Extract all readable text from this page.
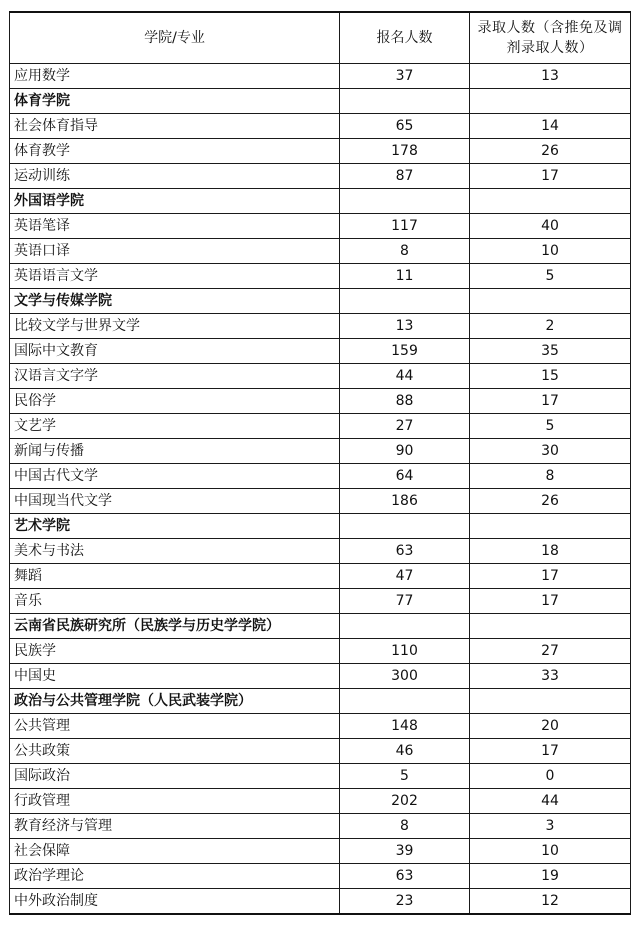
学院/专业	报名人数	录取人数（含推免及调剂录取人数）
应用数学	37	13
体育学院		
社会体育指导	65	14
体育教学	178	26
运动训练	87	17
外国语学院		
英语笔译	117	40
英语口译	8	10
英语语言文学	11	5
文学与传媒学院		
比较文学与世界文学	13	2
国际中文教育	159	35
汉语言文字学	44	15
民俗学	88	17
文艺学	27	5
新闻与传播	90	30
中国古代文学	64	8
中国现当代文学	186	26
艺术学院		
美术与书法	63	18
舞蹈	47	17
音乐	77	17
云南省民族研究所（民族学与历史学学院）		
民族学	110	27
中国史	300	33
政治与公共管理学院（人民武装学院）		
公共管理	148	20
公共政策	46	17
国际政治	5	0
行政管理	202	44
教育经济与管理	8	3
社会保障	39	10
政治学理论	63	19
中外政治制度	23	12
